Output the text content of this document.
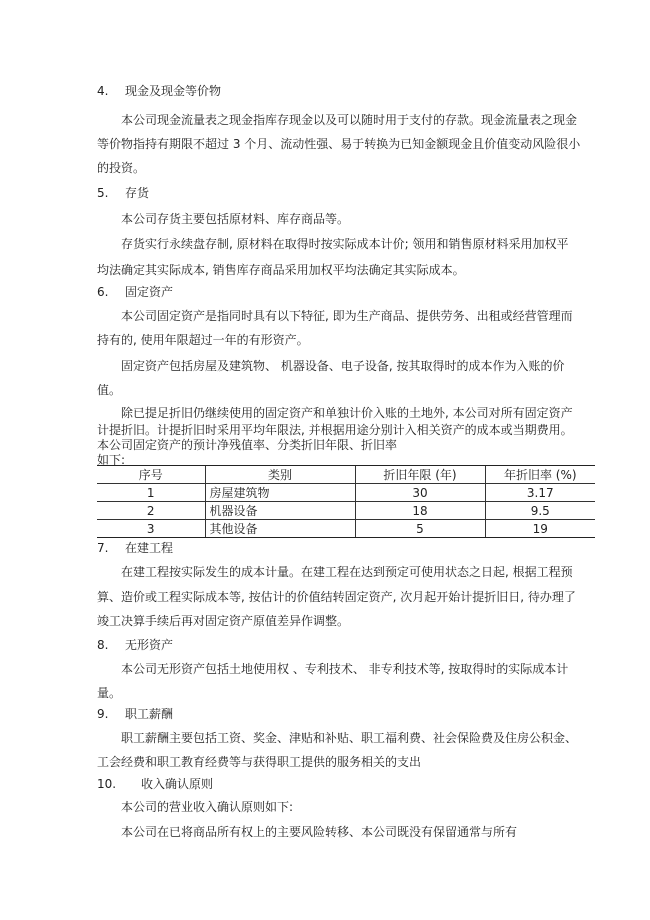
4. 现金及现金等价物
本公司现金流量表之现金指库存现金以及可以随时用于支付的存款。现金流量表之现金
等价物指持有期限不超过 3 个月、流动性强、易于转换为已知金额现金且价值变动风险很小
的投资。
5. 存货
本公司存货主要包括原材料、库存商品等。
存货实行永续盘存制, 原材料在取得时按实际成本计价; 领用和销售原材料采用加权平
均法确定其实际成本, 销售库存商品采用加权平均法确定其实际成本。
6. 固定资产
本公司固定资产是指同时具有以下特征, 即为生产商品、提供劳务、出租或经营管理而
持有的, 使用年限超过一年的有形资产。
固定资产包括房屋及建筑物、 机器设备、电子设备, 按其取得时的成本作为入账的价
值。
除已提足折旧仍继续使用的固定资产和单独计价入账的土地外, 本公司对所有固定资产
计提折旧。计提折旧时采用平均年限法, 并根据用途分别计入相关资产的成本或当期费用。
本公司固定资产的预计净残值率、分类折旧年限、折旧率
如下:
序号	类别	折旧年限 (年)	年折旧率 (%)
1	房屋建筑物	30	3.17
2	机器设备	18	9.5
3	其他设备	5	19
7. 在建工程
在建工程按实际发生的成本计量。在建工程在达到预定可使用状态之日起, 根据工程预
算、造价或工程实际成本等, 按估计的价值结转固定资产, 次月起开始计提折旧日, 待办理了
竣工决算手续后再对固定资产原值差异作调整。
8. 无形资产
本公司无形资产包括土地使用权 、专利技术、 非专利技术等, 按取得时的实际成本计
量。
9. 职工薪酬
职工薪酬主要包括工资、奖金、津贴和补贴、职工福利费、社会保险费及住房公积金、
工会经费和职工教育经费等与获得职工提供的服务相关的支出
10. 收入确认原则
本公司的营业收入确认原则如下:
本公司在已将商品所有权上的主要风险转移、本公司既没有保留通常与所有
